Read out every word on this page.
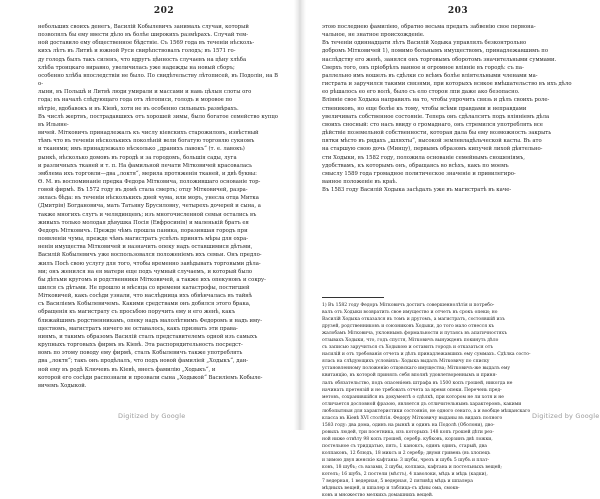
202
небольших своихъ денегъ, Василій Кобылевичъ занималь случаи, который
позволялъ бы ему ввести дѣло въ болѣе широкихъ размѣрахъ. Случай тем-
ной доставило ему общественное бѣдствіе. Съ 1569 года въ теченіи нѣсколь-
кихъ лѣтъ въ Литвѣ и южной Руси свирѣпствовалъ голодъ; въ 1571 го-
ду голодъ былъ такъ силенъ, что вдругъ цѣнность случаевъ на цѣну хлѣба
хлѣба троицкаго виравно, увеличилась уже надежды на новый сборъ;
особенно хлѣба впоследствіи не было. По свидѣтельству лѣтописей, въ Подолін, на Во-
лыни, въ Польшѣ и Литвѣ люди умирали и массами и навь цѣлыя слоты ого
года; въ началѣ слѣдующаго года отъ лѣтописи, голодъ и моровое по
вѣтріе, вдобавокъ и въ Кіевѣ, хотя не въ особенно сильныхъ размѣрахъ.
Въ числѣ жертвъ, пострадавшихъ отъ хорошей зимы, было богатое семейство купцовъ Ильяне-
вичей. Мітковичъ принадлежалъ къ числу кіевскихъ старожиловъ, извѣстный
тѣмъ что въ теченіи нѣсколькихъ поколѣній вели богатую торговлю сукномъ
и тканями; имъ принадлежало нѣсколько „дранихъ лавокъ“ (т. е. лавокъ)
рынкѣ, нѣсколько домовъ въ городѣ и за городомъ, большія сады, луга
и различныхъ тканей и т. п. На фамильной печати Мітковичей красовалась
эмблема ихъ торговли—два „локтя“, мерила протяженія тканей, и двѣ буквы:
Ө. М. въ воспоминаніе предка Федора Мітковича, положившаго основаніе тор-
говой фирмѣ. Въ 1572 году въ домѣ стала смерть; отцу Мітковичей, разра-
зилась бѣда: въ теченіи нѣсколькихъ дней чума, или моръ, унесла отца Митка
(Дмитрія) Богдановича, мать Татьяну Брусиловну, четырехъ дочерей и сына, а
также многихъ слугъ и челядинцевъ; изъ многочисленной семьи остались въ
живыхъ только молодая дѣвушка Посія (Евфросинія) и маленькій братъ ея
Федоръ Мітковичъ. Прежде чѣмъ прошла паника, поразившая городъ при
появленіи чумы, прежде чѣмъ магистратъ успѣлъ принять мѣры для охра-
ненія имущества Мітковичей и назначить опеку надъ оставшимися дѣтьми,
Василій Кобылевичъ уже воспользовался положеніемъ ихъ семьи. Онъ предло-
жилъ Посѣ свою услугу для того, чтобы временно завѣдывать торговыми дѣла-
ми; онъ женился на ея матери еще подъ чумный случаемъ, и который было
бы дѣтьми кругомъ и родственники Мітковичей, а также ихъ опекуновъ и сокру-
шился съ дѣтьми. Не прошло и мѣсяца со времени катастрофы, постигшей
Мітковичей, какъ сосѣди узнали, что наслѣдница ихъ обвѣнчалась въ тайнѣ
съ Василіемъ Кобылевичемъ. Какими средствами онъ добился этого брака,
обращенія къ магистрату съ просьбою поручить ему и его женѣ, какъ
ближайшимъ родственникамъ, опеку надъ малолѣтнимъ Федоромъ и надъ иму-
ществомъ, магистратъ ничего не оставалось, какъ призвать эти права-
ниямъ, и такимъ образомъ Василій сталъ представителемъ одной изъ самыхъ
крупныхъ торговыхъ фирмъ въ Кіевѣ. Эта распорядительность посредст-
вомъ по этому поводу ему фирмѣ, сталъ Кобылевичъ также употреблять
два „локтя“; такъ онъ продѣлалъ, что подъ новой фамиліей „Ходыкъ“, дан-
ной ему въ родѣ Ключевъ въ Кіевѣ, внесъ фамилію „Ходыкъ“, и
которой его сосѣди распознали и прозвали сына „Ходыкой“ Василіемъ Кобыле-
вичемъ Ходыкой.
Digitized by Google
203
этою последнею фамиліею, обратно весьма предать забвенію свое первона-
чальное, не знатное происхожденіе.
Въ теченіи одиннадцати лѣтъ Василій Ходыка управлялъ безконтрольно
добромъ Мітковичей 1), помимо больнымъ имуществомъ, принадлежавшимъ по
наслѣдству его женѣ, занялся онъ торговымъ оборотомъ значительными суммами.
Сверхъ того, онъ пріобрѣлъ ванное и огромное вліяніе въ городѣ: съ па-
раллельно имъ вошелъ въ сдѣлки со всѣмъ болѣе вліятельными членами ма-
гистрата и заручился такими связями, при которыхъ всякое вмѣшательство въ ихъ дѣло
ео рѣшалось ео его волѣ, было съ ело сторон лпи даже ако безопасно.
Вліяніе свое Ходыка направилъ на то, чтобы упрочить связь и дѣлъ своихъ роле-
ствениковъ, но еще болѣе къ тому, чтобы всѣми правдами и неправдами
увеличивать собственное состояніе. Теперь онъ сдѣлалсятъ подъ вліяніемъ дѣла
своихъ сносный: сто насъ ввиду о громаднаго, онъ стремился употреблять все
дѣйствіе поземельной собственности, которая дала бы ему возможность закрыть
пятки мѣсто въ рядахъ „шляхты“, высокой землевладѣльческой касты. Въ ато
на старшую свою дочь (Минцу), первымъ образомъ кипучей лихой дѣятельно-
сти Ходыки, въ 1582 году, положила основаніе семейнымъ сношеніямъ,
удобствамъ, къ которымъ онъ, обращаясь во всѣхъ, какъ по моемъ
смыслу 1589 года громадное политическое значеніе и привилегиро-
ванное положеніе въ краѣ.
Въ 1583 году Василій Ходыка засѣдалъ уже въ магистратѣ въ каче-
1) Въ 1582 году Федоръ Мітковичъ достигъ совершеннолѣтія и потребо-
валъ отъ Ходыки возвратить свое имущество и отчетъ въ срокъ опеки; но
Василій Ходыка отказался въ томъ и другомъ, а магистратъ, состоявшій изъ
друзей, родственниковъ и союзниковъ Ходыки, до того мало отнесся къ
жалобамъ Мітковича, уклоннымъ формальности и путаясь въ апатичностяхъ
отзывахъ Ходыки, что, годъ спустя, Мітковичъ вынужденъ покинуть дѣло
съ записью заручиться съ Ходыкою и оставить городъ и отказаться отъ
насилій и отъ требованія отчета и дѣлъ принадлежавшихъ ему суммахъ. Сдѣлка состо-
ялась на слѣдующихъ условіяхъ: Ходыка выдалъ Мітковичу по списку
установленному положенію отцовскаго имущества; Мітковичъ-же выдалъ ему
квитанцію, въ которой принялъ себя вполнѣ удовлетвореннымъ и приня-
лалъ обязательство, подъ опасеніемъ штрафа въ 1500 копъ грошей, никогда не
начинать претензій и не требовать отчета за время опеки. Перечень пред-
метовъ, сохранившійся въ документѣ о сдѣлкѣ, при котором не ли хотя и не
отличается дословной фразою, является дъ отличительнымъ характеромъ, какими
любопытныя для характеристики состоянія, не одного сенато, а и вообще мѣщанскаго
класса въ Кіевѣ XVI столѣтія. Федору Мітковичу выданы въ видахъ полного
1583 году: два дома, одинъ на рынкѣ и одинъ на Подолѣ (Оболони), дво-
ровыхъ людей, три посетника, изъ которыхъ 148 копъ грошей дѣти рез-
ной ниже отвѣту 98 копъ грошей, серебр. кубковъ, корзинъ двѣ ложки,
постельное съ тридцатью, пять, 1 каноксъ, одинъ одинъ, старый, два
колпаковъ, 12 блюдъ, 18 миксъ и 2 серебр; двумя гривень (въ хлопецъ
и зимою двуя женскіе кафтаны: 3 шубы, чрезъ и шубъ 5 шубъ и плат-
ковъ, 18 шубъ; съ вазами, 2 шубы, колпака, кафтана и постельныхъ вещей;
котелъ; 16 шубъ, 2 постели (мѣстъ), 4 паволоки, мѣдь и мѣдь (кадки),
7 ведерная, 1 ведерная, 5 ведерная, 2 пятивѣд мѣдь и шпалера
мѣдныхъ вещей, и шпалер и таблица-съ цѣны ома, смокв-
ковъ и множество мелкихъ домашнихъ вещей.
Digitized by Google
